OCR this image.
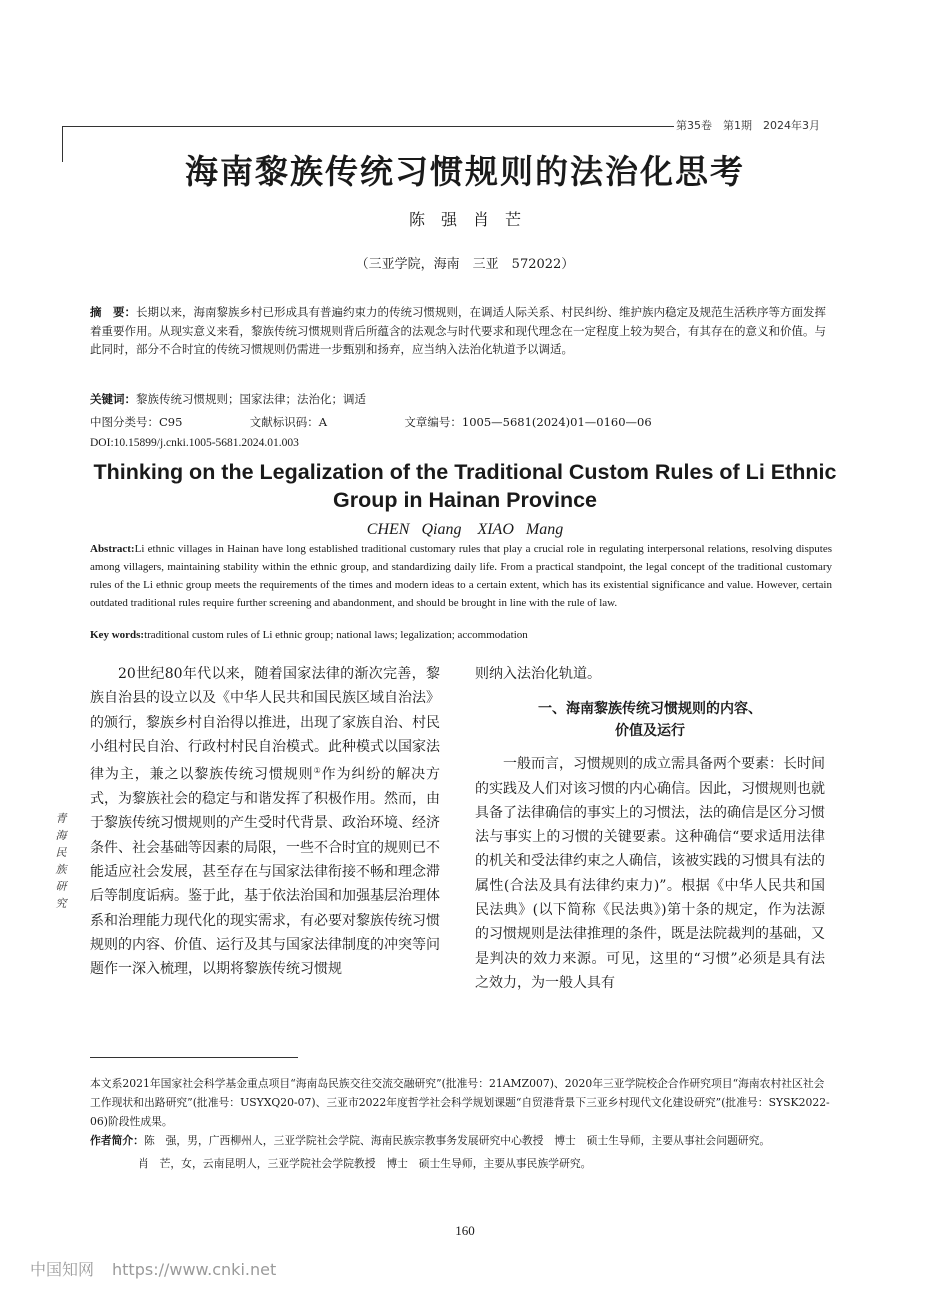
第35卷　第1期　2024年3月
海南黎族传统习惯规则的法治化思考
陈　强　肖　芒
（三亚学院，海南　三亚　572022）
摘　要：长期以来，海南黎族乡村已形成具有普遍约束力的传统习惯规则，在调适人际关系、村民纠纷、维护族内稳定及规范生活秩序等方面发挥着重要作用。从现实意义来看，黎族传统习惯规则背后所蕴含的法观念与时代要求和现代理念在一定程度上较为契合，有其存在的意义和价值。与此同时，部分不合时宜的传统习惯规则仍需进一步甄别和扬弃，应当纳入法治化轨道予以调适。
关键词：黎族传统习惯规则；国家法律；法治化；调适
中图分类号：C95	文献标识码：A	文章编号：1005—5681(2024)01—0160—06
DOI:10.15899/j.cnki.1005-5681.2024.01.003
Thinking on the Legalization of the Traditional Custom Rules of Li Ethnic Group in Hainan Province
CHEN Qiang　XIAO Mang
Abstract:Li ethnic villages in Hainan have long established traditional customary rules that play a crucial role in regulating interpersonal relations, resolving disputes among villagers, maintaining stability within the ethnic group, and standardizing daily life. From a practical standpoint, the legal concept of the traditional customary rules of the Li ethnic group meets the requirements of the times and modern ideas to a certain extent, which has its existential significance and value. However, certain outdated traditional rules require further screening and abandonment, and should be brought in line with the rule of law.
Key words:traditional custom rules of Li ethnic group; national laws; legalization; accommodation
青海民族研究
20世纪80年代以来，随着国家法律的渐次完善，黎族自治县的设立以及《中华人民共和国民族区域自治法》的颁行，黎族乡村自治得以推进，出现了家族自治、村民小组村民自治、行政村村民自治模式。此种模式以国家法律为主，兼之以黎族传统习惯规则①作为纠纷的解决方式，为黎族社会的稳定与和谐发挥了积极作用。然而，由于黎族传统习惯规则的产生受时代背景、政治环境、经济条件、社会基础等因素的局限，一些不合时宜的规则已不能适应社会发展，甚至存在与国家法律衔接不畅和理念滞后等制度诟病。鉴于此，基于依法治国和加强基层治理体系和治理能力现代化的现实需求，有必要对黎族传统习惯规则的内容、价值、运行及其与国家法律制度的冲突等问题作一深入梳理，以期将黎族传统习惯规
则纳入法治化轨道。
一、海南黎族传统习惯规则的内容、
价值及运行
一般而言，习惯规则的成立需具备两个要素：长时间的实践及人们对该习惯的内心确信。因此，习惯规则也就具备了法律确信的事实上的习惯法，法的确信是区分习惯法与事实上的习惯的关键要素。这种确信“要求适用法律的机关和受法律约束之人确信，该被实践的习惯具有法的属性(合法及具有法律约束力)”。根据《中华人民共和国民法典》(以下简称《民法典》)第十条的规定，作为法源的习惯规则是法律推理的条件，既是法院裁判的基础，又是判决的效力来源。可见，这里的“习惯”必须是具有法之效力，为一般人具有
本文系2021年国家社会科学基金重点项目“海南岛民族交往交流交融研究”(批准号：21AMZ007)、2020年三亚学院校企合作研究项目“海南农村社区社会工作现状和出路研究”(批准号：USYXQ20-07)、三亚市2022年度哲学社会科学规划课题“自贸港背景下三亚乡村现代文化建设研究”(批准号：SYSK2022-06)阶段性成果。
作者简介：陈　强，男，广西柳州人，三亚学院社会学院、海南民族宗教事务发展研究中心教授　博士　硕士生导师，主要从事社会问题研究。
肖　芒，女，云南昆明人，三亚学院社会学院教授　博士　硕士生导师，主要从事民族学研究。
160
中国知网 https://www.cnki.net
